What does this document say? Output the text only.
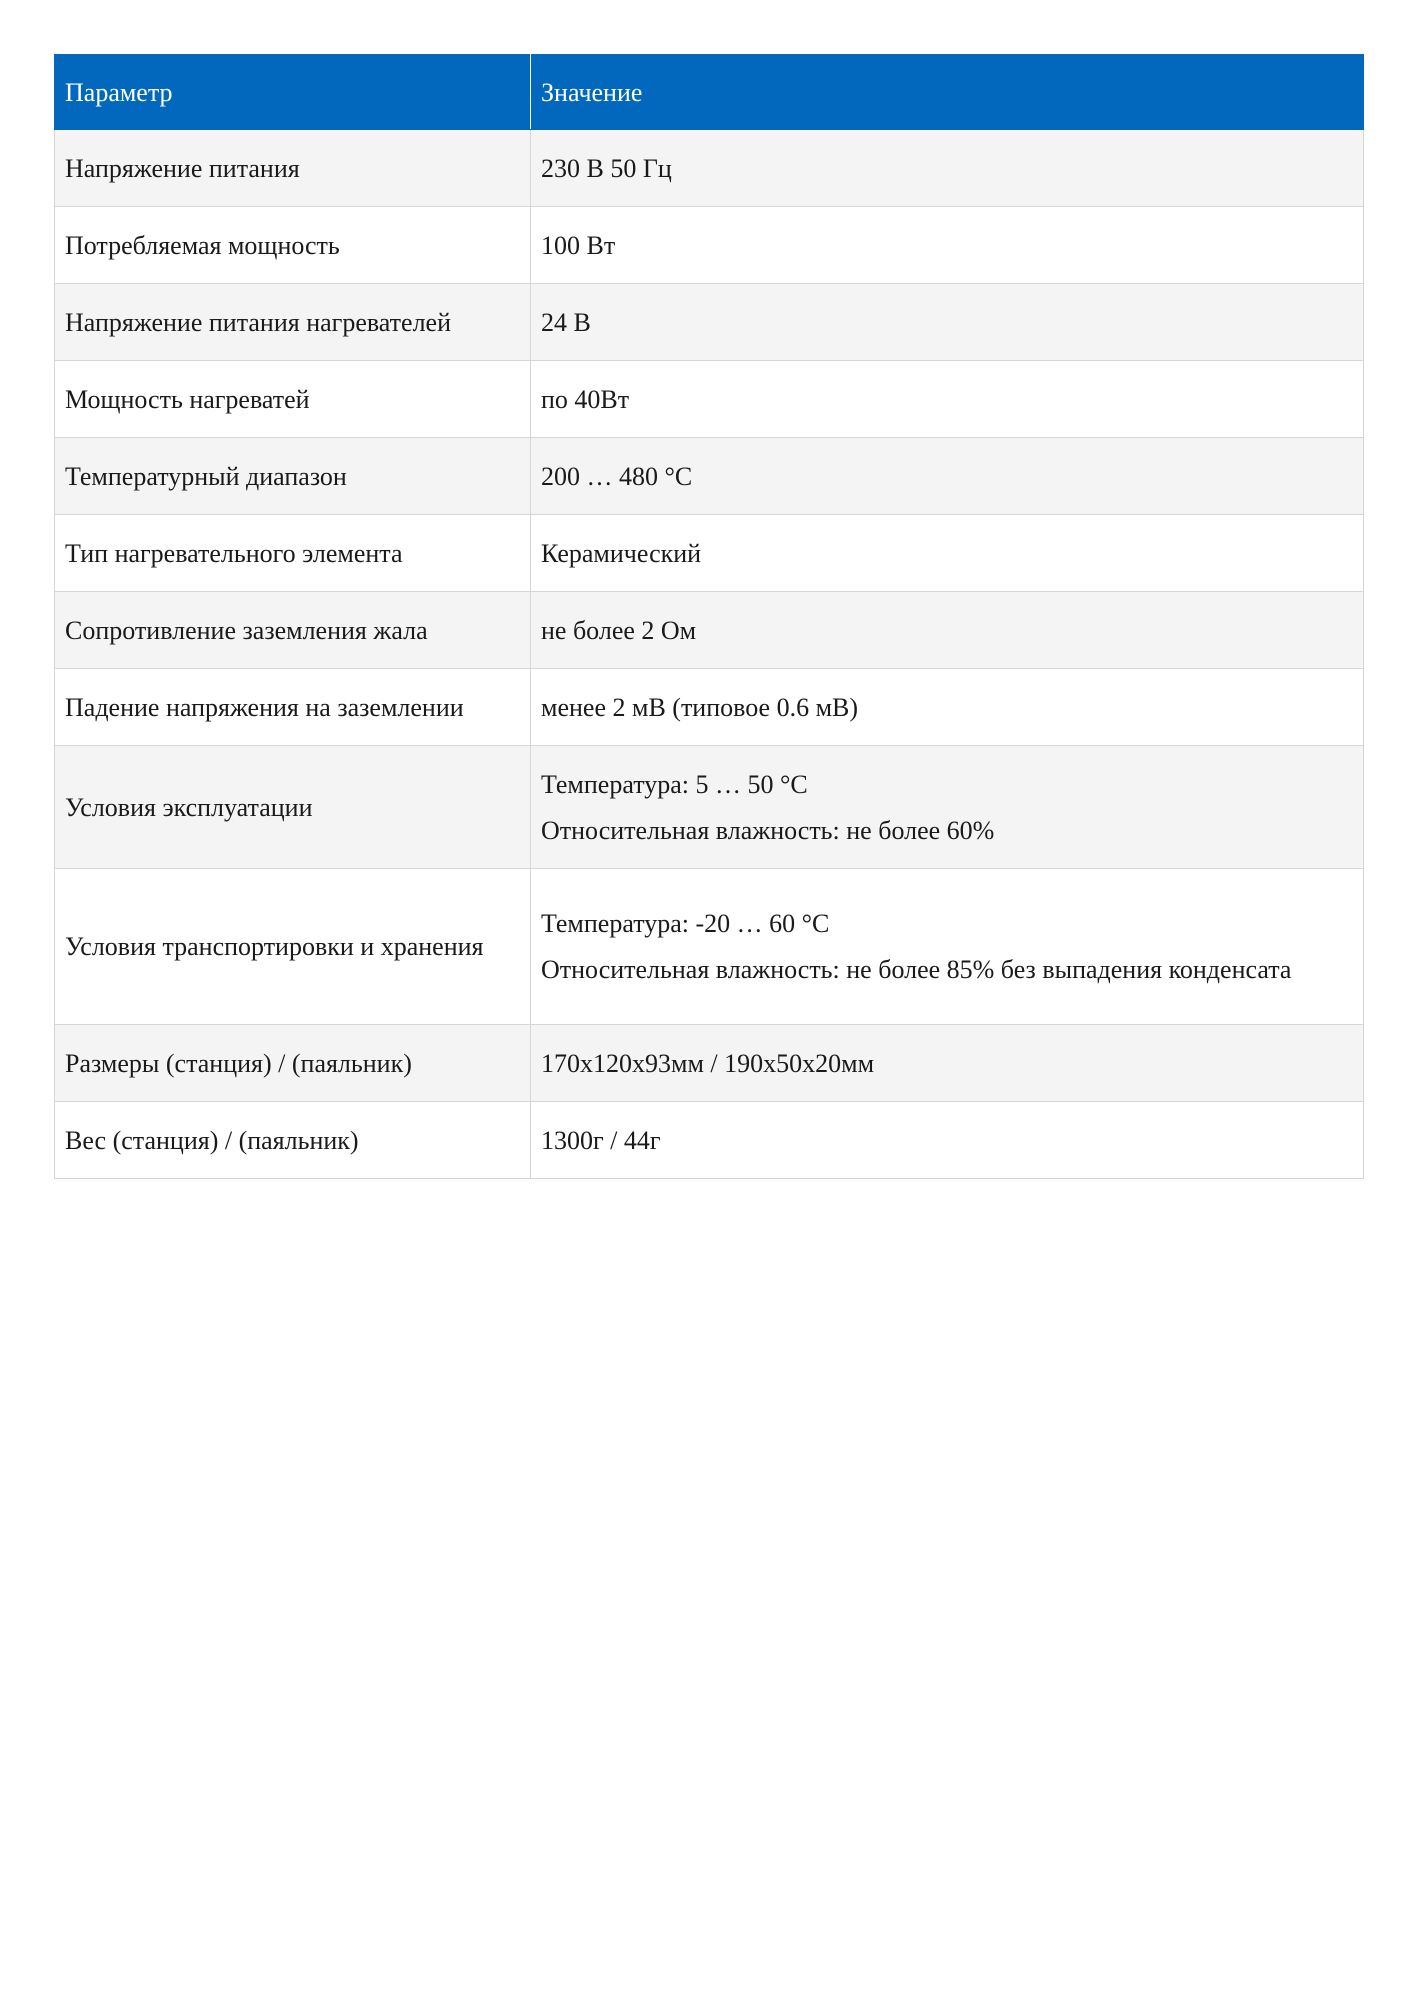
Параметр	Значение
Напряжение питания	230 В 50 Гц

Потребляемая мощность	100 Вт

Напряжение питания нагревателей	24 В

Мощность нагреватей	по 40Вт

Температурный диапазон	200 … 480 °C

Тип нагревательного элемента	Керамический

Сопротивление заземления жала	не более 2 Ом

Падение напряжения на заземлении	менее 2 мВ (типовое 0.6 мВ)

Условия эксплуатации	Температура: 5 … 50 °C
Относительная влажность: не более 60%

Условия транспортировки и хранения	Температура: -20 … 60 °C
Относительная влажность: не более 85% без выпадения конденсата

Размеры (станция) / (паяльник)	170x120x93мм / 190x50x20мм

Вес (станция) / (паяльник)	1300г / 44г
